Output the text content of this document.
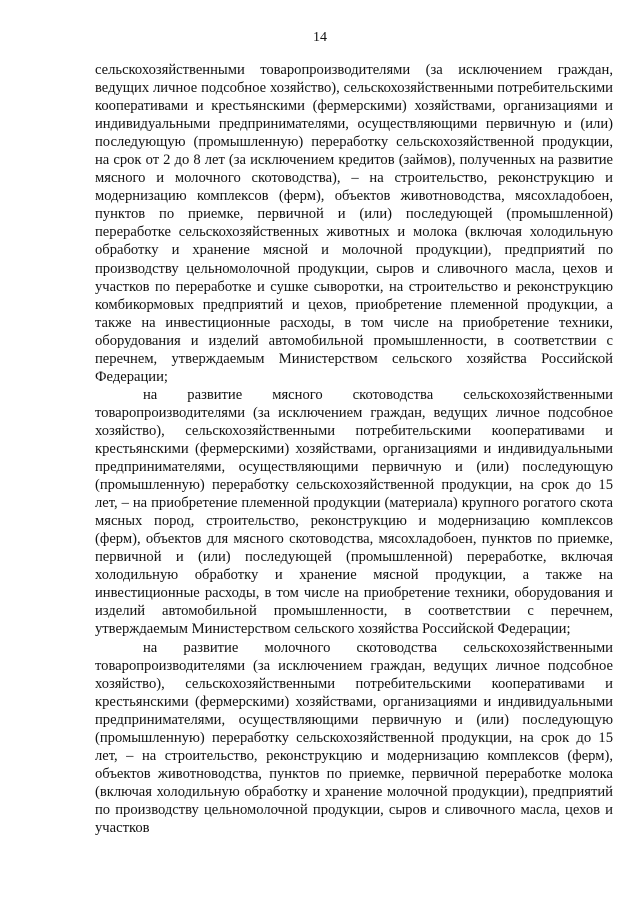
14

сельскохозяйственными товаропроизводителями (за исключением граждан, ведущих личное подсобное хозяйство), сельскохозяйственными потребительскими кооперативами и крестьянскими (фермерскими) хозяйствами, организациями и индивидуальными предпринимателями, осуществляющими первичную и (или) последующую (промышленную) переработку сельскохозяйственной продукции, на срок от 2 до 8 лет (за исключением кредитов (займов), полученных на развитие мясного и молочного скотоводства), – на строительство, реконструкцию и модернизацию комплексов (ферм), объектов животноводства, мясохладобоен, пунктов по приемке, первичной и (или) последующей (промышленной) переработке сельскохозяйственных животных и молока (включая холодильную обработку и хранение мясной и молочной продукции), предприятий по производству цельномолочной продукции, сыров и сливочного масла, цехов и участков по переработке и сушке сыворотки, на строительство и реконструкцию комбикормовых предприятий и цехов, приобретение племенной продукции, а также на инвестиционные расходы, в том числе на приобретение техники, оборудования и изделий автомобильной промышленности, в соответствии с перечнем, утверждаемым Министерством сельского хозяйства Российской Федерации;

на развитие мясного скотоводства сельскохозяйственными товаропроизводителями (за исключением граждан, ведущих личное подсобное хозяйство), сельскохозяйственными потребительскими кооперативами и крестьянскими (фермерскими) хозяйствами, организациями и индивидуальными предпринимателями, осуществляющими первичную и (или) последующую (промышленную) переработку сельскохозяйственной продукции, на срок до 15 лет, – на приобретение племенной продукции (материала) крупного рогатого скота мясных пород, строительство, реконструкцию и модернизацию комплексов (ферм), объектов для мясного скотоводства, мясохладобоен, пунктов по приемке, первичной и (или) последующей (промышленной) переработке, включая холодильную обработку и хранение мясной продукции, а также на инвестиционные расходы, в том числе на приобретение техники, оборудования и изделий автомобильной промышленности, в соответствии с перечнем, утверждаемым Министерством сельского хозяйства Российской Федерации;

на развитие молочного скотоводства сельскохозяйственными товаропроизводителями (за исключением граждан, ведущих личное подсобное хозяйство), сельскохозяйственными потребительскими кооперативами и крестьянскими (фермерскими) хозяйствами, организациями и индивидуальными предпринимателями, осуществляющими первичную и (или) последующую (промышленную) переработку сельскохозяйственной продукции, на срок до 15 лет, – на строительство, реконструкцию и модернизацию комплексов (ферм), объектов животноводства, пунктов по приемке, первичной переработке молока (включая холодильную обработку и хранение молочной продукции), предприятий по производству цельномолочной продукции, сыров и сливочного масла, цехов и участков
